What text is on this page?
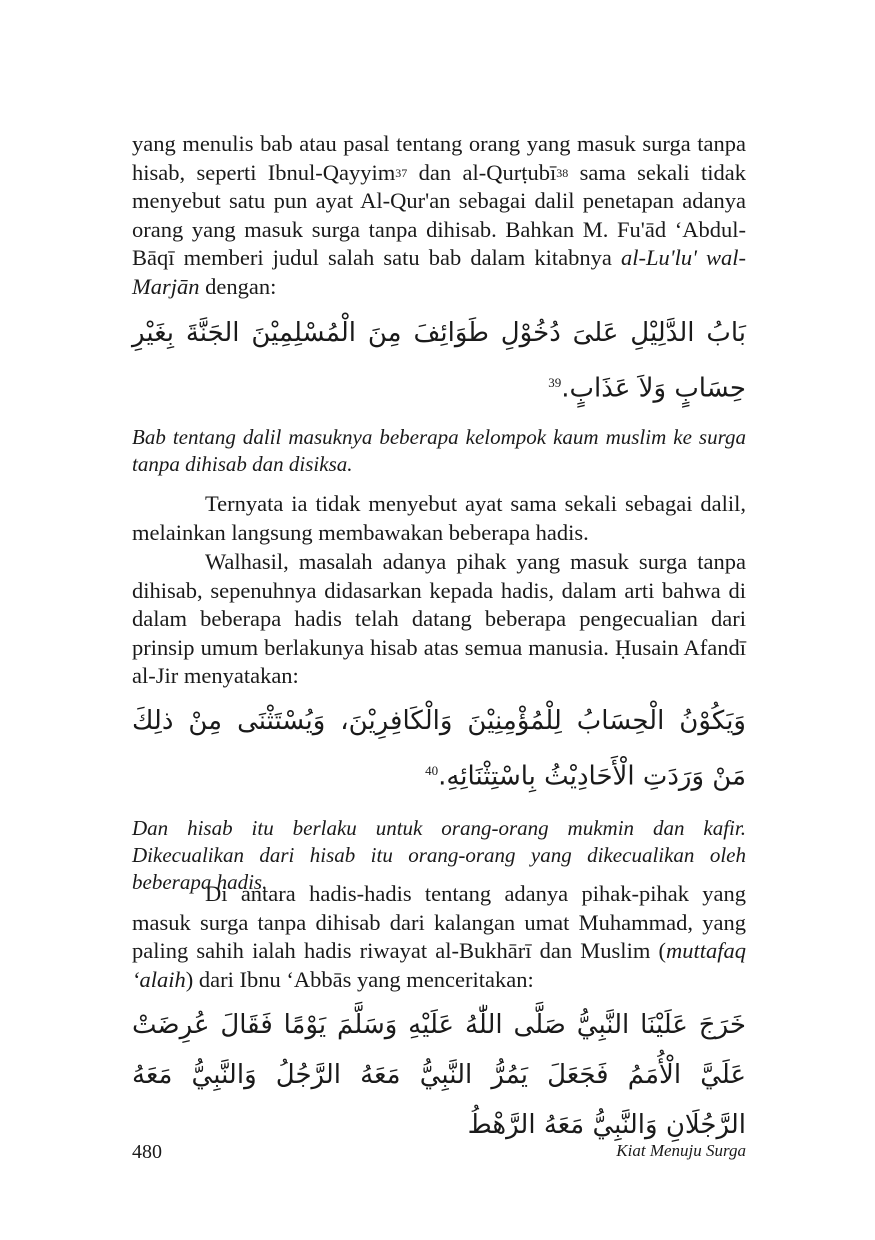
yang menulis bab atau pasal tentang orang yang masuk surga tanpa hisab, seperti Ibnul-Qayyim$^{37}$ dan al-Qurṭubī$^{38}$ sama sekali tidak menyebut satu pun ayat Al-Qur'an sebagai dalil penetapan adanya orang yang masuk surga tanpa dihisab. Bahkan M. Fu'ād ‘Abdul-Bāqī memberi judul salah satu bab dalam kitabnya al-Lu'lu' wal-Marjān dengan:

بَابُ الدَّلِيْلِ عَلىَ دُخُوْلِ طَوَائِفَ مِنَ الْمُسْلِمِيْنَ الجَنَّةَ بِغَيْرِ حِسَابٍ وَلاَ عَذَابٍ.$^{39}$

Bab tentang dalil masuknya beberapa kelompok kaum muslim ke surga tanpa dihisab dan disiksa.

Ternyata ia tidak menyebut ayat sama sekali sebagai dalil, melainkan langsung membawakan beberapa hadis.

Walhasil, masalah adanya pihak yang masuk surga tanpa dihisab, sepenuhnya didasarkan kepada hadis, dalam arti bahwa di dalam beberapa hadis telah datang beberapa pengecualian dari prinsip umum berlakunya hisab atas semua manusia. Ḥusain Afandī al-Jir menyatakan:

وَيَكُوْنُ الْحِسَابُ لِلْمُؤْمِنِيْنَ وَالْكَافِرِيْنَ، وَيُسْتَثْنَى مِنْ ذلِكَ مَنْ وَرَدَتِ الْأَحَادِيْثُ بِاسْتِثْنَائِهِ.$^{40}$

Dan hisab itu berlaku untuk orang-orang mukmin dan kafir. Dikecualikan dari hisab itu orang-orang yang dikecualikan oleh beberapa hadis.

Di antara hadis-hadis tentang adanya pihak-pihak yang masuk surga tanpa dihisab dari kalangan umat Muhammad, yang paling sahih ialah hadis riwayat al-Bukhārī dan Muslim (muttafaq ‘alaih) dari Ibnu ‘Abbās yang menceritakan:

خَرَجَ عَلَيْنَا النَّبِيُّ صَلَّى اللّٰهُ عَلَيْهِ وَسَلَّمَ يَوْمًا فَقَالَ عُرِضَتْ عَلَيَّ الْأُمَمُ فَجَعَلَ يَمُرُّ النَّبِيُّ مَعَهُ الرَّجُلُ وَالنَّبِيُّ مَعَهُ الرَّجُلَانِ وَالنَّبِيُّ مَعَهُ الرَّهْطُ

480	Kiat Menuju Surga
